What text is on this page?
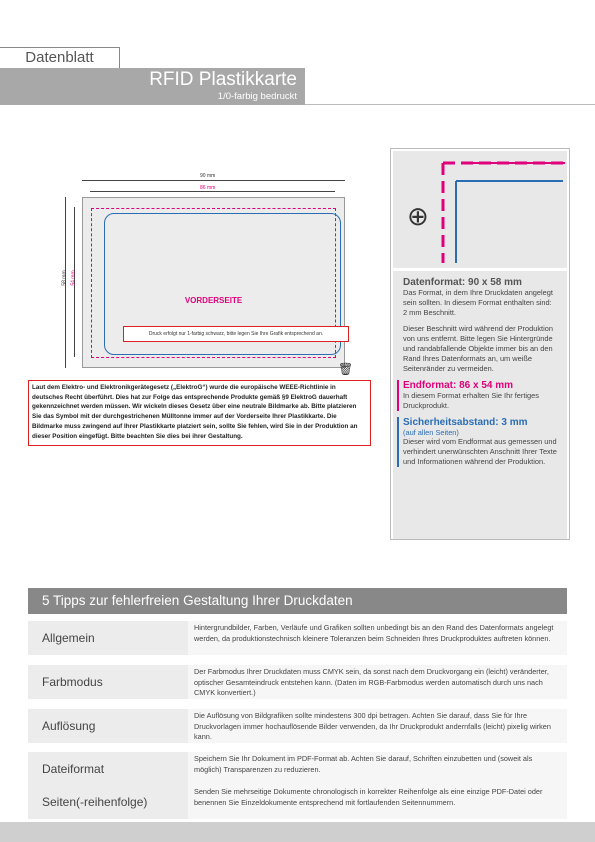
Datenblatt
RFID Plastikkarte
1/0-farbig bedruckt
90 mm
86 mm
58 mm 54 mm
VORDERSEITE
Druck erfolgt nur 1-farbig schwarz, bitte legen Sie Ihre Grafik entsprechend an.
🗑
Laut dem Elektro- und Elektronikgerätegesetz („ElektroG“) wurde die europäische WEEE-Richtlinie in deutsches Recht überführt. Dies hat zur Folge das entsprechende Produkte gemäß §9 ElektroG dauerhaft gekennzeichnet werden müssen. Wir wickeln dieses Gesetz über eine neutrale Bildmarke ab. Bitte platzieren Sie das Symbol mit der durchgestrichenen Mülltonne immer auf der Vorderseite Ihrer Plastikkarte. Die Bildmarke muss zwingend auf Ihrer Plastikkarte platziert sein, sollte Sie fehlen, wird Sie in der Produktion an dieser Position eingefügt. Bitte beachten Sie dies bei ihrer Gestaltung.
⊕
Datenformat: 90 x 58 mm

Das Format, in dem Ihre Druckdaten angelegt sein sollten. In diesem Format enthalten sind: 2 mm Beschnitt.

Dieser Beschnitt wird während der Produktion von uns entfernt. Bitte legen Sie Hintergründe und randabfallende Objekte immer bis an den Rand Ihres Datenformats an, um weiße Seitenränder zu vermeiden.

Endformat: 86 x 54 mm

In diesem Format erhalten Sie Ihr fertiges Druckprodukt.

Sicherheitsabstand: 3 mm
(auf allen Seiten)

Dieser wird vom Endformat aus gemessen und verhindert unerwünschten Anschnitt Ihrer Texte und Informationen während der Produktion.

5 Tipps zur fehlerfreien Gestaltung Ihrer Druckdaten
Allgemein
Hintergrundbilder, Farben, Verläufe und Grafiken sollten unbedingt bis an den Rand des Datenformats angelegt werden, da produktionstechnisch kleinere Toleranzen beim Schneiden Ihres Druckproduktes auftreten können.
Farbmodus
Der Farbmodus Ihrer Druckdaten muss CMYK sein, da sonst nach dem Druckvorgang ein (leicht) veränderter, optischer Gesamteindruck entstehen kann. (Daten im RGB-Farbmodus werden automatisch durch uns nach CMYK konvertiert.)
Auflösung
Die Auflösung von Bildgrafiken sollte mindestens 300 dpi betragen. Achten Sie darauf, dass Sie für Ihre Druckvorlagen immer hochauflösende Bilder verwenden, da Ihr Druckprodukt andernfalls (leicht) pixelig wirken kann.
Dateiformat
Speichern Sie Ihr Dokument im PDF-Format ab. Achten Sie darauf, Schriften einzubetten und (soweit als möglich) Transparenzen zu reduzieren.
Seiten(-reihenfolge)
Senden Sie mehrseitige Dokumente chronologisch in korrekter Reihenfolge als eine einzige PDF-Datei oder benennen Sie Einzeldokumente entsprechend mit fortlaufenden Seitennummern.
